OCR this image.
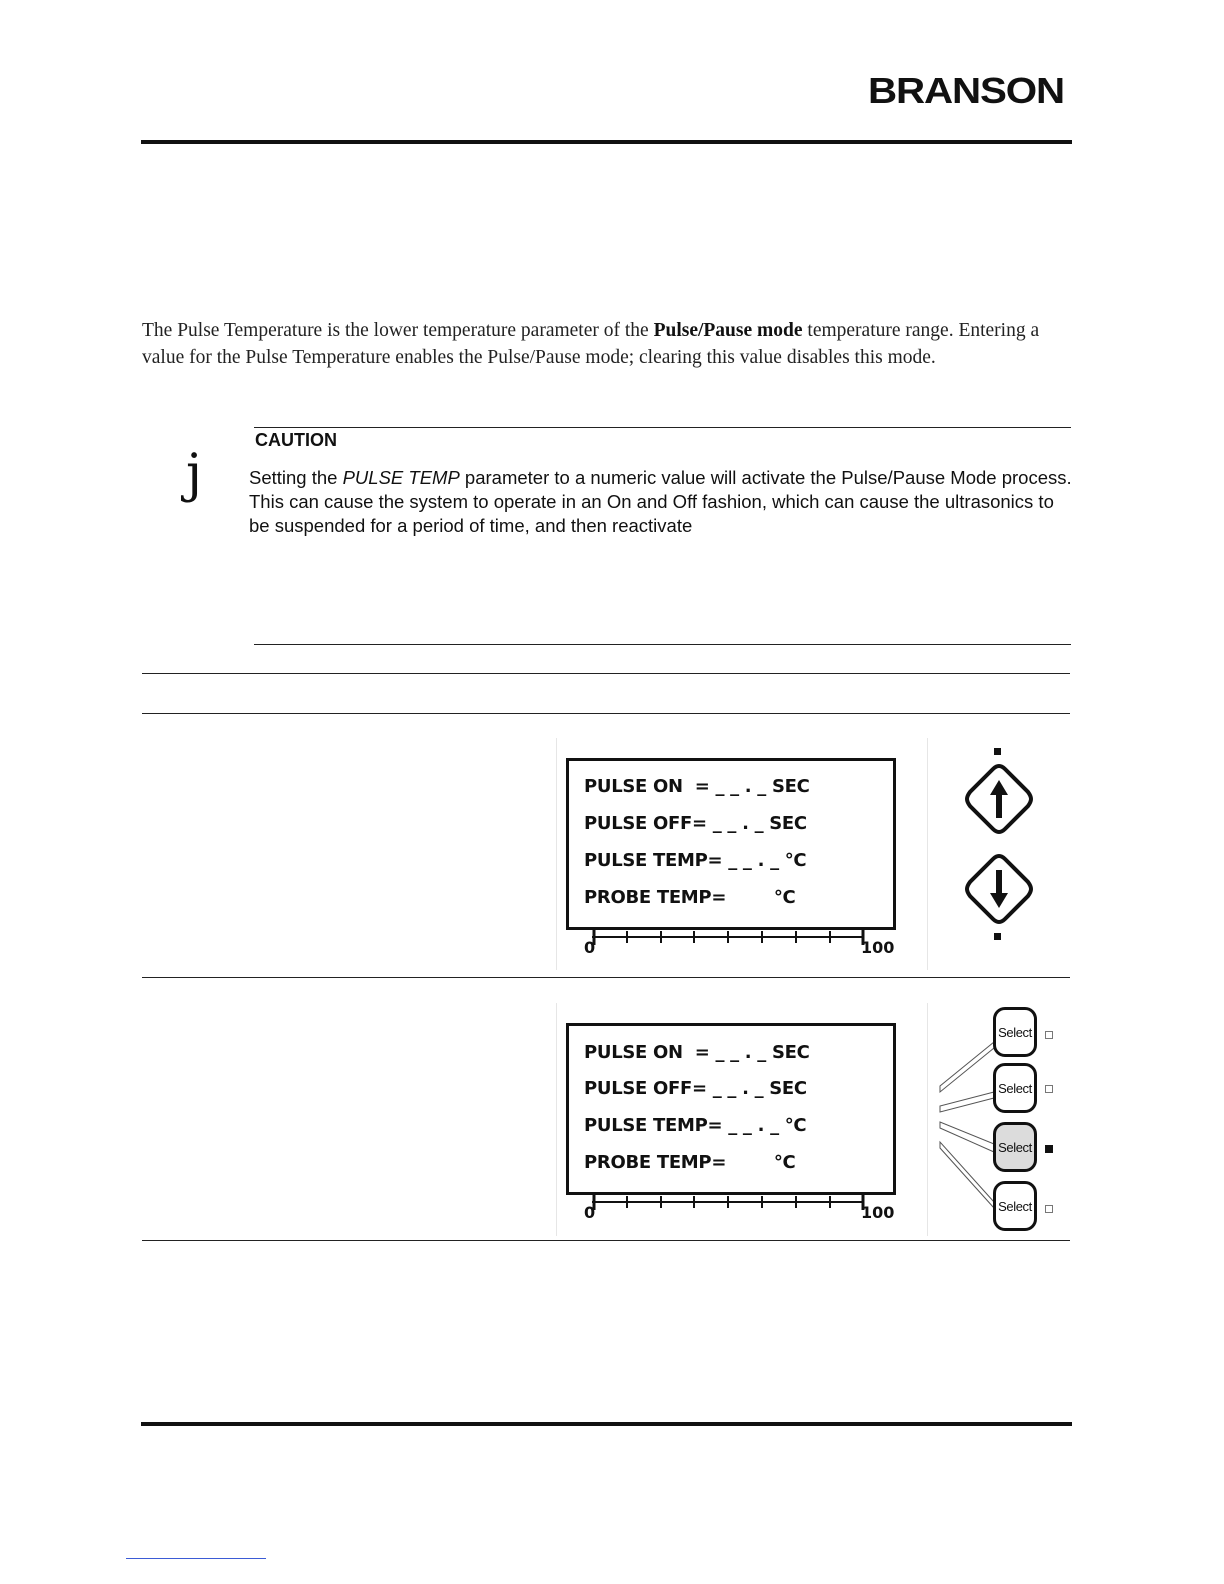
BRANSON
The Pulse Temperature is the lower temperature parameter of the Pulse/Pause mode temperature range. Entering a value for the Pulse Temperature enables the Pulse/Pause mode; clearing this value disables this mode.
j
CAUTION
Setting the PULSE TEMP parameter to a numeric value will activate the Pulse/Pause Mode process. This can cause the system to operate in an On and Off fashion, which can cause the ultrasonics to be suspended for a period of time, and then reactivate
PULSE ON  = _ _ . _ SEC
PULSE OFF= _ _ . _ SEC
PULSE TEMP= _ _ . _ °C
PROBE TEMP=        °C
0	100
PULSE ON  = _ _ . _ SEC
PULSE OFF= _ _ . _ SEC
PULSE TEMP= _ _ . _ °C
PROBE TEMP=        °C
0	100
Select
Select
Select
Select
